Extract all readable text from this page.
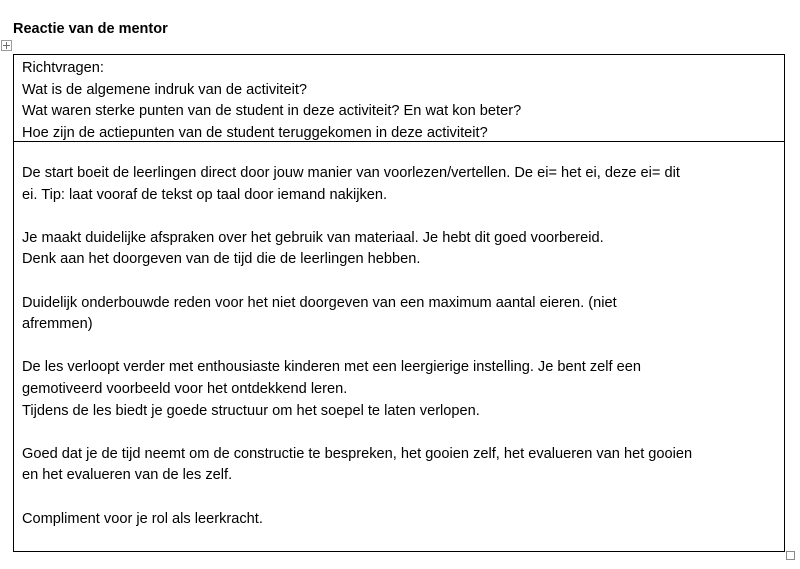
Reactie van de mentor
Richtvragen:
Wat is de algemene indruk van de activiteit?
Wat waren sterke punten van de student in deze activiteit? En wat kon beter?
Hoe zijn de actiepunten van de student teruggekomen in deze activiteit?
De start boeit de leerlingen direct door jouw manier van voorlezen/vertellen. De ei= het ei, deze ei= dit
ei. Tip: laat vooraf de tekst op taal door iemand nakijken.
Je maakt duidelijke afspraken over het gebruik van materiaal. Je hebt dit goed voorbereid.
Denk aan het doorgeven van de tijd die de leerlingen hebben.
Duidelijk onderbouwde reden voor het niet doorgeven van een maximum aantal eieren. (niet
afremmen)
De les verloopt verder met enthousiaste kinderen met een leergierige instelling. Je bent zelf een
gemotiveerd voorbeeld voor het ontdekkend leren.
Tijdens de les biedt je goede structuur om het soepel te laten verlopen.
Goed dat je de tijd neemt om de constructie te bespreken, het gooien zelf, het evalueren van het gooien
en het evalueren van de les zelf.
Compliment voor je rol als leerkracht.
